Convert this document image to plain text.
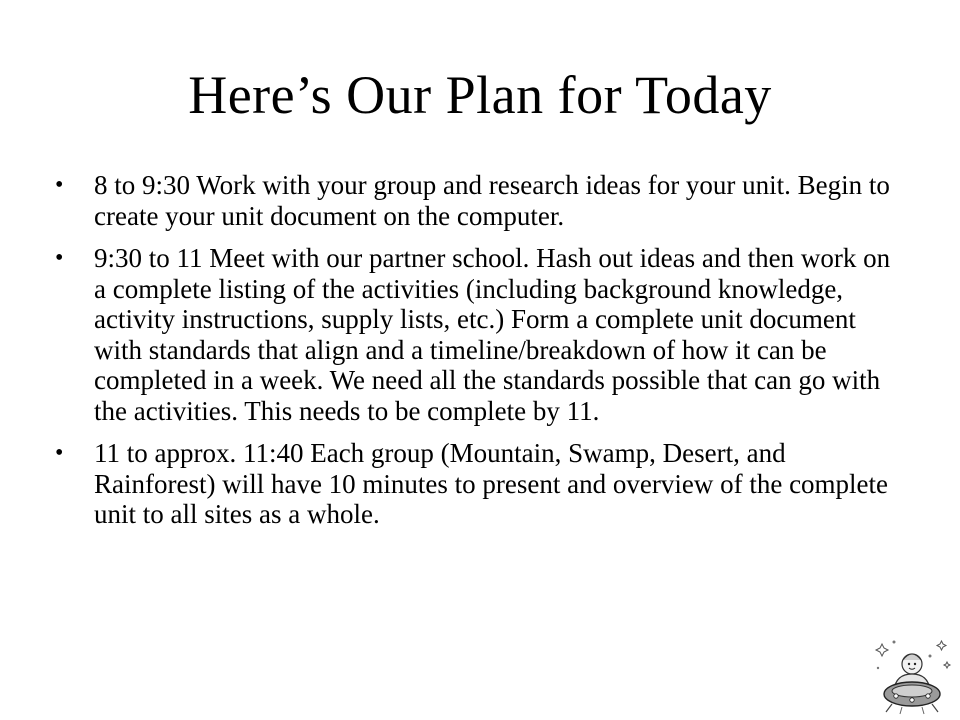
Here’s Our Plan for Today
• 8 to 9:30 Work with your group and research ideas for your unit. Begin to create your unit document on the computer.
• 9:30 to 11 Meet with our partner school. Hash out ideas and then work on a complete listing of the activities (including background knowledge, activity instructions, supply lists, etc.) Form a complete unit document with standards that align and a timeline/breakdown of how it can be completed in a week. We need all the standards possible that can go with the activities. This needs to be complete by 11.
• 11 to approx. 11:40 Each group (Mountain, Swamp, Desert, and Rainforest) will have 10 minutes to present and overview of the complete unit to all sites as a whole.
